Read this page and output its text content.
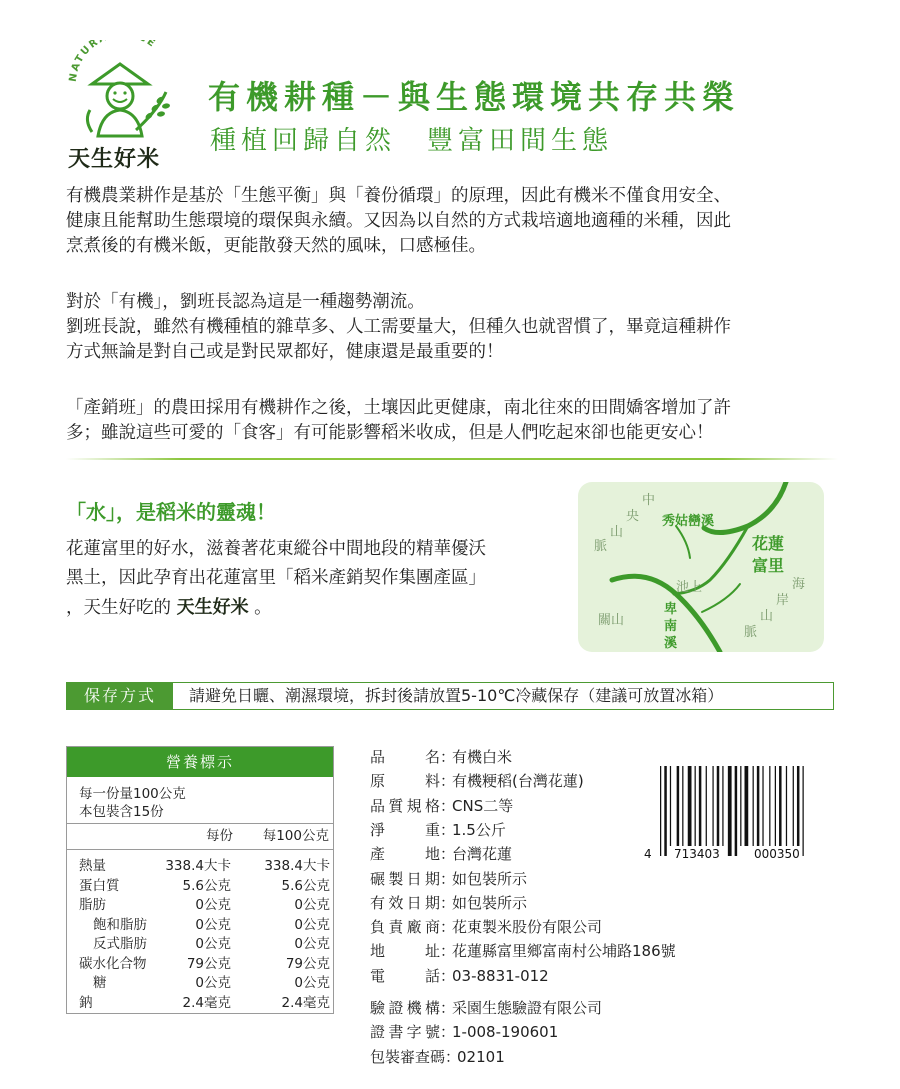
NATUR E
天生好米
有機耕種－與生態環境共存共榮
種植回歸自然　豐富田間生態

有機農業耕作是基於「生態平衡」與「養份循環」的原理，因此有機米不僅食用安全、

健康且能幫助生態環境的環保與永續。又因為以自然的方式栽培適地適種的米種，因此

烹煮後的有機米飯，更能散發天然的風味，口感極佳。

對於「有機」，劉班長認為這是一種趨勢潮流。

劉班長說，雖然有機種植的雜草多、人工需要量大，但種久也就習慣了，畢竟這種耕作

方式無論是對自己或是對民眾都好，健康還是最重要的！

「產銷班」的農田採用有機耕作之後，土壤因此更健康，南北往來的田間嬌客增加了許

多；雖說這些可愛的「食客」有可能影響稻米收成，但是人們吃起來卻也能更安心！

「水」，是稻米的靈魂！

花蓮富里的好水，滋養著花東縱谷中間地段的精華優沃

黑土，因此孕育出花蓮富里「稻米產銷契作集團產區」

，天生好吃的 天生好米 。

中
央
山
脈
秀姑巒溪
花蓮
富里
池上	海
岸
山
脈
關山
卑
南
溪
保存方式	請避免日曬、潮濕環境，拆封後請放置5-10℃冷藏保存（建議可放置冰箱）
營養標示
每一份量100公克
本包裝含15份
每份 每100公克
熱量	338.4大卡 338.4大卡
蛋白質	5.6公克	5.6公克
脂肪	0公克	0公克
飽和脂肪	0公克	0公克
反式脂肪	0公克	0公克
碳水化合物	79公克	79公克
糖	0公克	0公克
鈉	2.4毫克	2.4毫克
品名：有機白米
原料：有機粳稻(台灣花蓮)
品質規格：CNS二等
淨重：1.5公斤
產地：台灣花蓮
碾製日期：如包裝所示
有效日期：如包裝所示
負責廠商：花東製米股份有限公司
地址：花蓮縣富里鄉富南村公埔路186號
電話：03-8831-012
驗證機構：采園生態驗證有限公司
證書字號：1-008-190601
包裝審查碼：02101
4 713403	000350
